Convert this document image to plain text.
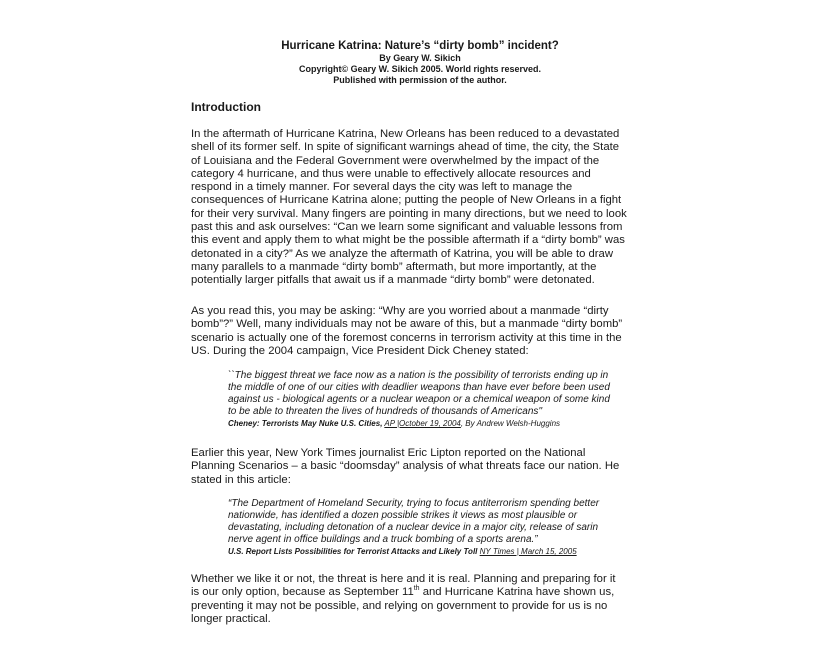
Hurricane Katrina: Nature’s “dirty bomb” incident?
By Geary W. Sikich
Copyright© Geary W. Sikich 2005. World rights reserved.
Published with permission of the author.
Introduction

In the aftermath of Hurricane Katrina, New Orleans has been reduced to a devastated
shell of its former self. In spite of significant warnings ahead of time, the city, the State
of Louisiana and the Federal Government were overwhelmed by the impact of the
category 4 hurricane, and thus were unable to effectively allocate resources and
respond in a timely manner. For several days the city was left to manage the
consequences of Hurricane Katrina alone; putting the people of New Orleans in a fight
for their very survival. Many fingers are pointing in many directions, but we need to look
past this and ask ourselves: “Can we learn some significant and valuable lessons from
this event and apply them to what might be the possible aftermath if a “dirty bomb” was
detonated in a city?” As we analyze the aftermath of Katrina, you will be able to draw
many parallels to a manmade “dirty bomb” aftermath, but more importantly, at the
potentially larger pitfalls that await us if a manmade “dirty bomb” were detonated.

As you read this, you may be asking: “Why are you worried about a manmade “dirty
bomb”?” Well, many individuals may not be aware of this, but a manmade “dirty bomb”
scenario is actually one of the foremost concerns in terrorism activity at this time in the
US. During the 2004 campaign, Vice President Dick Cheney stated:

``The biggest threat we face now as a nation is the possibility of terrorists ending up in
the middle of one of our cities with deadlier weapons than have ever before been used
against us - biological agents or a nuclear weapon or a chemical weapon of some kind
to be able to threaten the lives of hundreds of thousands of Americans''
Cheney: Terrorists May Nuke U.S. Cities, AP |October 19, 2004, By Andrew Welsh-Huggins

Earlier this year, New York Times journalist Eric Lipton reported on the National
Planning Scenarios – a basic “doomsday” analysis of what threats face our nation. He
stated in this article:

“The Department of Homeland Security, trying to focus antiterrorism spending better
nationwide, has identified a dozen possible strikes it views as most plausible or
devastating, including detonation of a nuclear device in a major city, release of sarin
nerve agent in office buildings and a truck bombing of a sports arena.”
U.S. Report Lists Possibilities for Terrorist Attacks and Likely Toll NY Times | March 15, 2005

Whether we like it or not, the threat is here and it is real. Planning and preparing for it
is our only option, because as September 11th and Hurricane Katrina have shown us,
preventing it may not be possible, and relying on government to provide for us is no
longer practical.
